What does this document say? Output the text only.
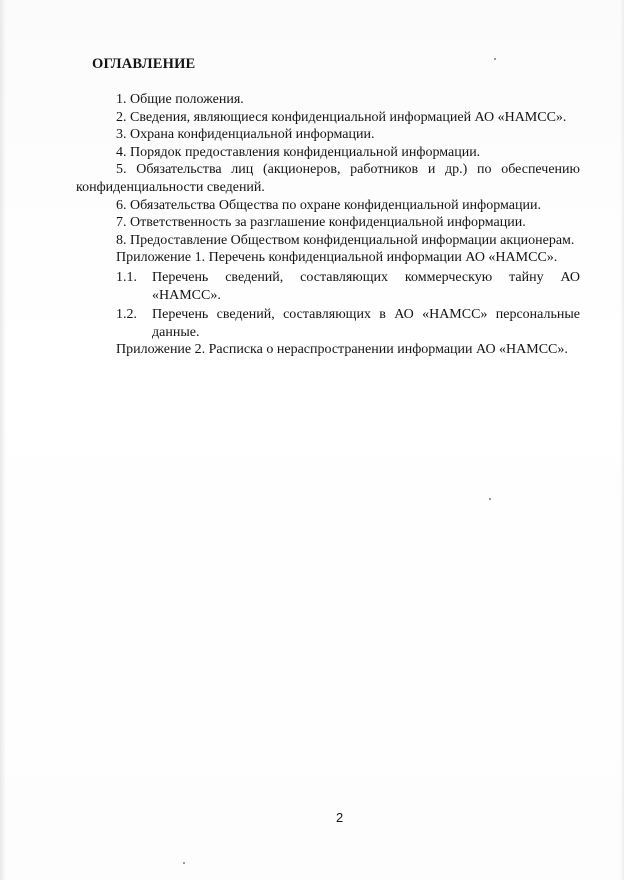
ОГЛАВЛЕНИЕ

1. Общие положения.

2. Сведения, являющиеся конфиденциальной информацией АО «НАМСС».

3. Охрана конфиденциальной информации.

4. Порядок предоставления конфиденциальной информации.

5. Обязательства лиц (акционеров, работников и др.) по обеспечению конфиденциальности сведений.

6. Обязательства Общества по охране конфиденциальной информации.

7. Ответственность за разглашение конфиденциальной информации.

8. Предоставление Обществом конфиденциальной информации акционерам.

Приложение 1. Перечень конфиденциальной информации АО «НАМСС».

1.1.	Перечень сведений, составляющих коммерческую тайну АО «НАМСС».
1.2.	Перечень сведений, составляющих в АО «НАМСС» персональные данные.

Приложение 2. Расписка о нераспространении информации АО «НАМСС».

2
